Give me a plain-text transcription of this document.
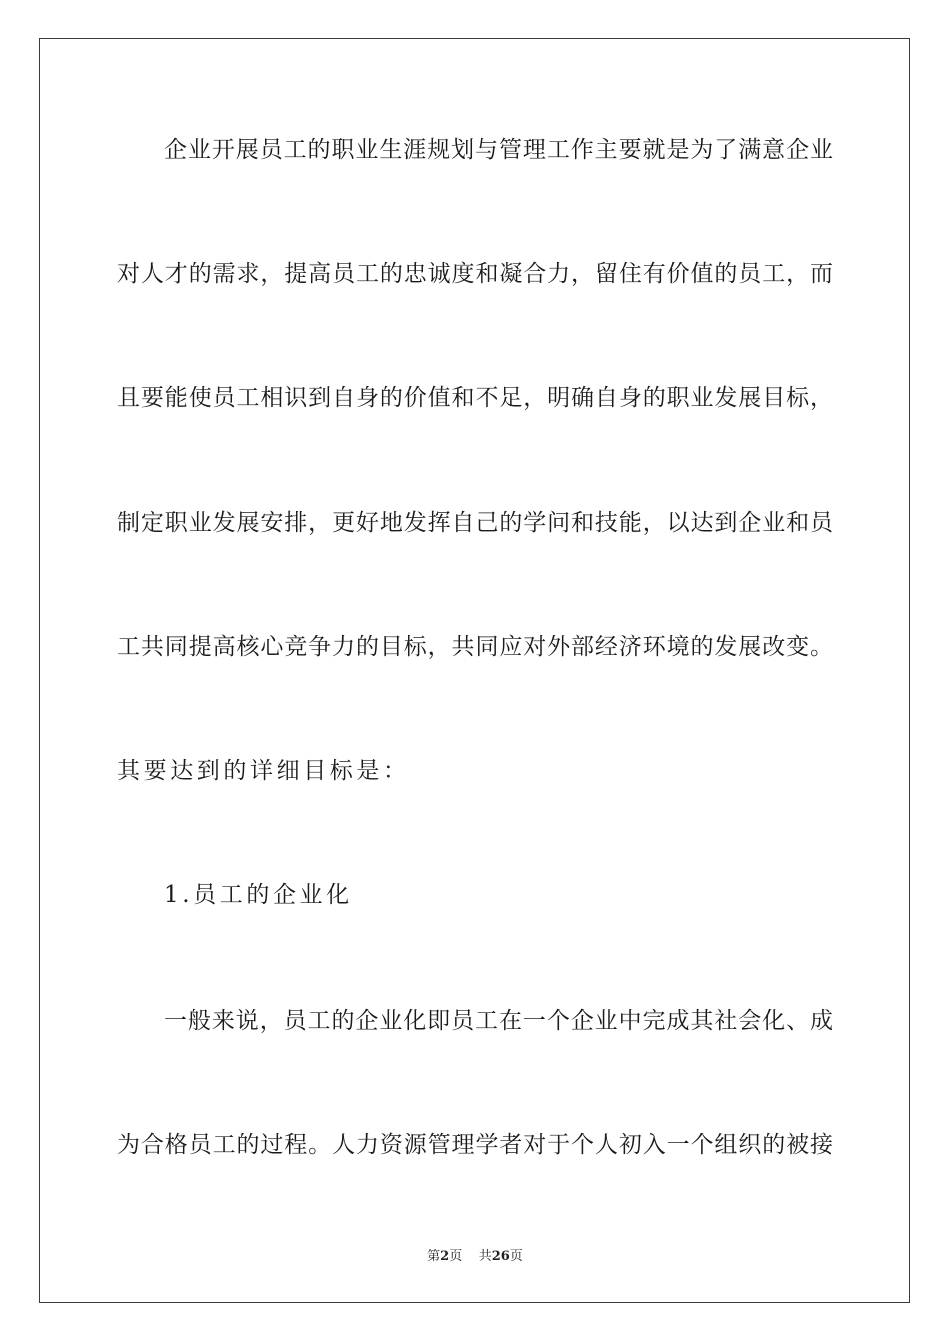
企业开展员工的职业生涯规划与管理工作主要就是为了满意企业
对人才的需求，提高员工的忠诚度和凝合力，留住有价值的员工，而
且要能使员工相识到自身的价值和不足，明确自身的职业发展目标，
制定职业发展安排，更好地发挥自己的学问和技能，以达到企业和员
工共同提高核心竞争力的目标，共同应对外部经济环境的发展改变。
其要达到的详细目标是：
1.员工的企业化
一般来说，员工的企业化即员工在一个企业中完成其社会化、成
为合格员工的过程。人力资源管理学者对于个人初入一个组织的被接
第2页 共26页
